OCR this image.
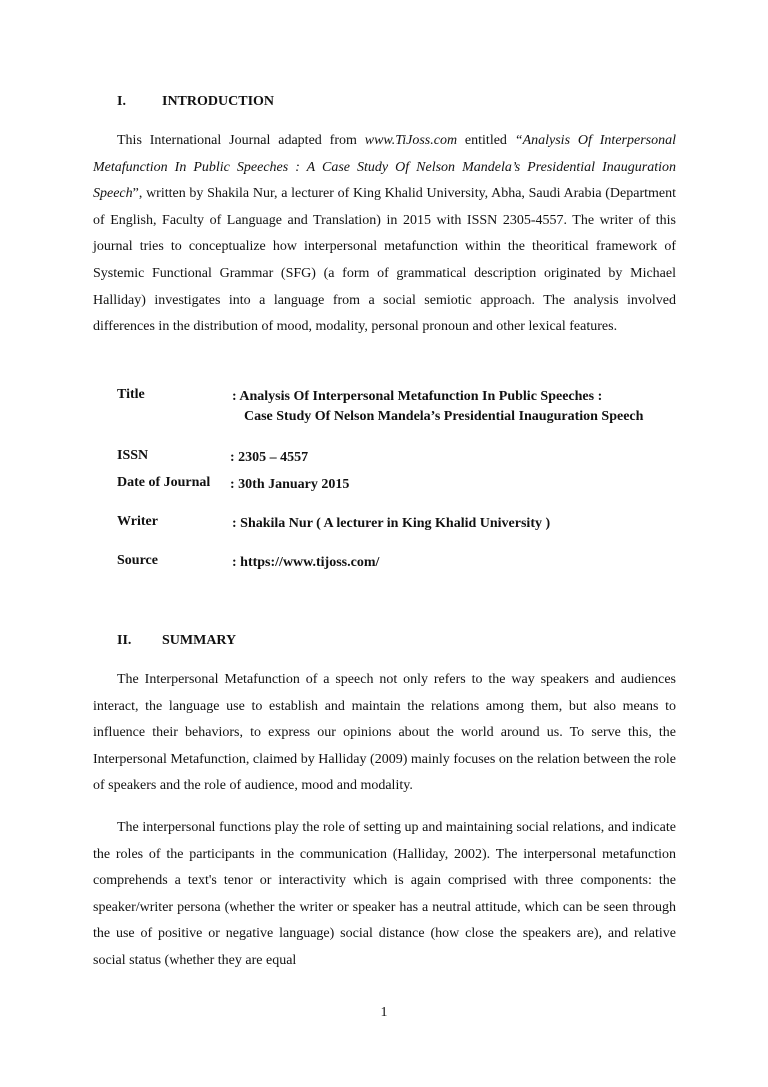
I.	INTRODUCTION

This International Journal adapted from www.TiJoss.com entitled “Analysis Of Interpersonal Metafunction In Public Speeches : A Case Study Of Nelson Mandela’s Presidential Inauguration Speech”, written by Shakila Nur, a lecturer of King Khalid University, Abha, Saudi Arabia (Department of English, Faculty of Language and Translation) in 2015 with ISSN 2305-4557. The writer of this journal tries to conceptualize how interpersonal metafunction within the theoritical framework of Systemic Functional Grammar (SFG) (a form of grammatical description originated by Michael Halliday) investigates into a language from a social semiotic approach. The analysis involved differences in the distribution of mood, modality, personal pronoun and other lexical features.

Title	: Analysis Of Interpersonal Metafunction In Public Speeches :
Case Study Of Nelson Mandela’s Presidential Inauguration Speech
ISSN	: 2305 – 4557
Date of Journal : 30th January 2015
Writer	: Shakila Nur ( A lecturer in King Khalid University )
Source	: https://www.tijoss.com/
II. SUMMARY

The Interpersonal Metafunction of a speech not only refers to the way speakers and audiences interact, the language use to establish and maintain the relations among them, but also means to influence their behaviors, to express our opinions about the world around us. To serve this, the Interpersonal Metafunction, claimed by Halliday (2009) mainly focuses on the relation between the role of speakers and the role of audience, mood and modality.

The interpersonal functions play the role of setting up and maintaining social relations, and indicate the roles of the participants in the communication (Halliday, 2002). The interpersonal metafunction comprehends a text's tenor or interactivity which is again comprised with three components: the speaker/writer persona (whether the writer or speaker has a neutral attitude, which can be seen through the use of positive or negative language) social distance (how close the speakers are), and relative social status (whether they are equal

1
